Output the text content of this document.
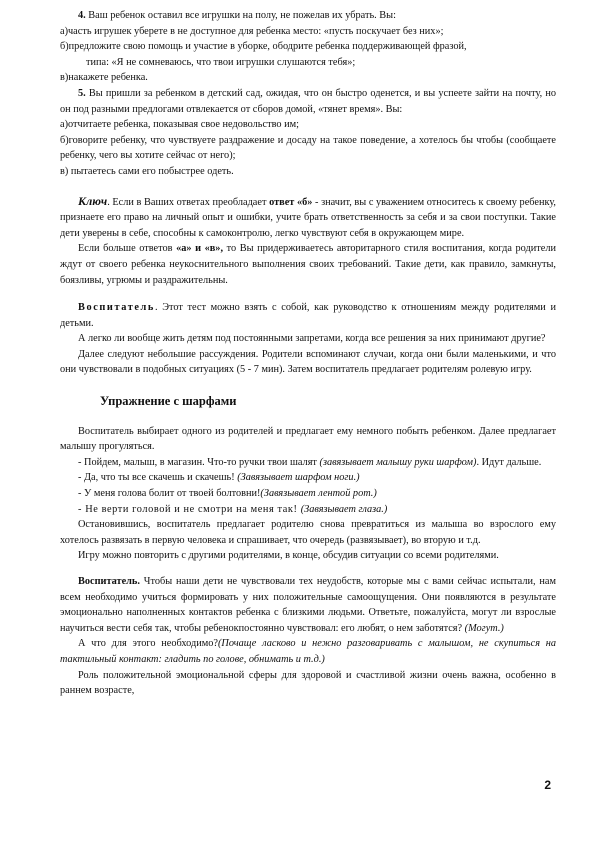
4. Ваш ребенок оставил все игрушки на полу, не пожелав их убрать. Вы:

а)часть игрушек уберете в не доступное для ребенка место: «пусть поскучает без них»;

б)предложите свою помощь и участие в уборке, ободрите ребенка поддерживающей фразой,

типа: «Я не сомневаюсь, что твои игрушки слушаются тебя»;

в)накажете ребенка.

5. Вы пришли за ребенком в детский сад, ожидая, что он быстро оденется, и вы успеете зайти на почту, но он под разными предлогами отвлекается от сборов домой, «тянет время». Вы:

а)отчитаете ребенка, показывая свое недовольство им;

б)говорите ребенку, что чувствуете раздражение и досаду на такое поведение, а хотелось бы чтобы (сообщаете ребенку, чего вы хотите сейчас от него);

в) пытаетесь сами его побыстрее одеть.

Ключ. Если в Ваших ответах преобладает ответ «б» - значит, вы с уважением относитесь к своему ребенку, признаете его право на личный опыт и ошибки, учите брать ответственность за себя и за свои поступки. Такие дети уверены в себе, способны к самоконтролю, легко чувствуют себя в окружающем мире.

Если больше ответов «а» и «в», то Вы придерживаетесь авторитарного стиля воспитания, когда родители ждут от своего ребенка неукоснительного выполнения своих требований. Такие дети, как правило, замкнуты, боязливы, угрюмы и раздражительны.

Воспитатель. Этот тест можно взять с собой, как руководство к отношениям между родителями и детьми.

А легко ли вообще жить детям под постоянными запретами, когда все решения за них принимают другие?

Далее следуют небольшие рассуждения. Родители вспоминают случаи, когда они были маленькими, и что они чувствовали в подобных ситуациях (5 - 7 мин). Затем воспитатель предлагает родителям ролевую игру.

Упражнение с шарфами

Воспитатель выбирает одного из родителей и предлагает ему немного побыть ребенком. Далее предлагает малышу прогуляться.

- Пойдем, малыш, в магазин. Что-то ручки твои шалят (завязывает малышу руки шарфом). Идут дальше.

- Да, что ты все скачешь и скачешь! (Завязывает шарфом ноги.)

- У меня голова болит от твоей болтовни!(Завязывает лентой рот.)

- Не верти головой и не смотри на меня так! (Завязывает глаза.)

Остановившись, воспитатель предлагает родителю снова превратиться из малыша во взрослого ему хотелось развязать в первую человека и спрашивает, что очередь (развязывает), во вторую и т.д.

Игру можно повторить с другими родителями, в конце, обсудив ситуации со всеми родителями.

Воспитатель. Чтобы наши дети не чувствовали тех неудобств, которые мы с вами сейчас испытали, нам всем необходимо учиться формировать у них положительные самоощущения. Они появляются в результате эмоционально наполненных контактов ребенка с близкими людьми. Ответьте, пожалуйста, могут ли взрослые научиться вести себя так, чтобы ребенокпостоянно чувствовал: его любят, о нем заботятся? (Могут.)

А что для этого необходимо?(Почаще ласково и нежно разговаривать с малышом, не скупиться на тактильный контакт: гладить по голове, обнимать и т.д.)

Роль положительной эмоциональной сферы для здоровой и счастливой жизни очень важна, особенно в раннем возрасте,

2
